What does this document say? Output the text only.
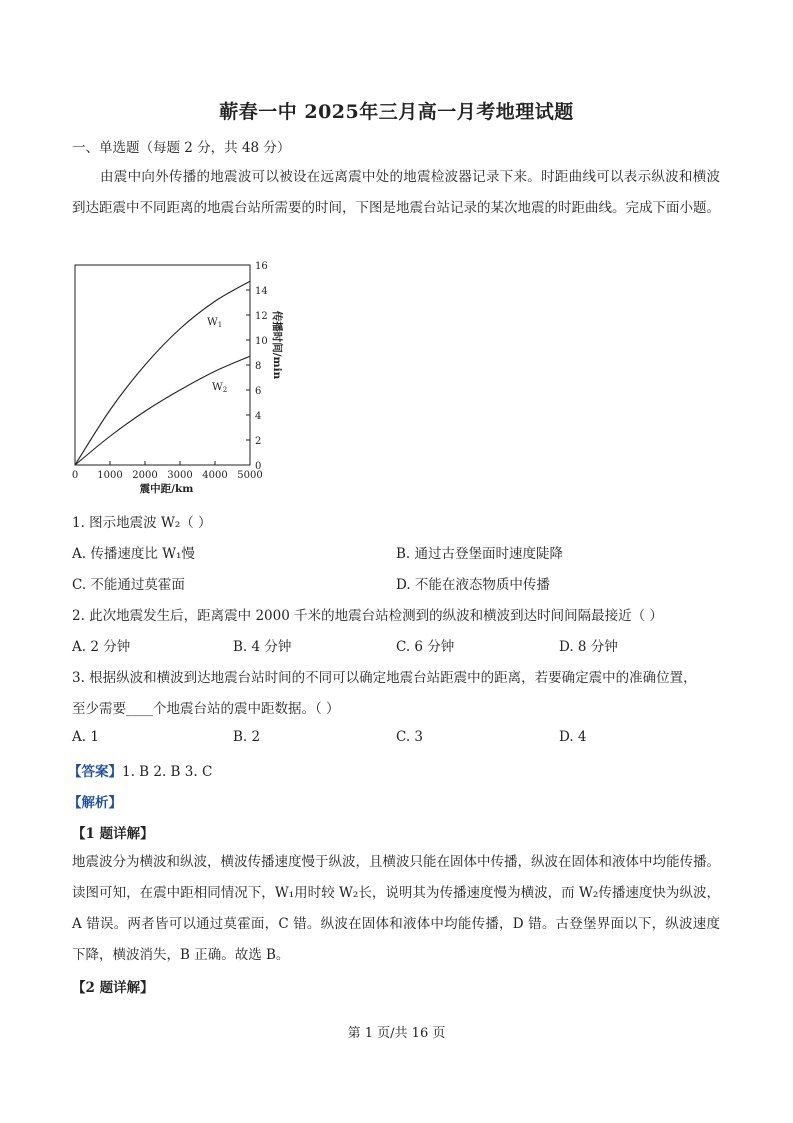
蕲春一中 2025年三月高一月考地理试题
一、单选题（每题 2 分，共 48 分）
由震中向外传播的地震波可以被设在远离震中处的地震检波器记录下来。时距曲线可以表示纵波和横波到达距震中不同距离的地震台站所需要的时间，下图是地震台站记录的某次地震的时距曲线。完成下面小题。
0 1000 2000 3000 4000 5000
0
2
4
6
8
10
12
14
16
震中距/km
传播时间/min
W1
W2
1. 图示地震波 W₂（ ）
A. 传播速度比 W₁慢	B. 通过古登堡面时速度陡降
C. 不能通过莫霍面	D. 不能在液态物质中传播
2. 此次地震发生后，距离震中 2000 千米的地震台站检测到的纵波和横波到达时间间隔最接近（ ）
A. 2 分钟	B. 4 分钟	C. 6 分钟	D. 8 分钟
3. 根据纵波和横波到达地震台站时间的不同可以确定地震台站距震中的距离，若要确定震中的准确位置，
至少需要____个地震台站的震中距数据。（ ）
A. 1	B. 2	C. 3	D. 4
【答案】1. B 2. B 3. C
【解析】
【1 题详解】
地震波分为横波和纵波，横波传播速度慢于纵波，且横波只能在固体中传播，纵波在固体和液体中均能传播。读图可知，在震中距相同情况下，W₁用时较 W₂长，说明其为传播速度慢为横波，而 W₂传播速度快为纵波，A 错误。两者皆可以通过莫霍面，C 错。纵波在固体和液体中均能传播，D 错。古登堡界面以下，纵波速度下降，横波消失，B 正确。故选 B。
【2 题详解】
第 1 页/共 16 页
